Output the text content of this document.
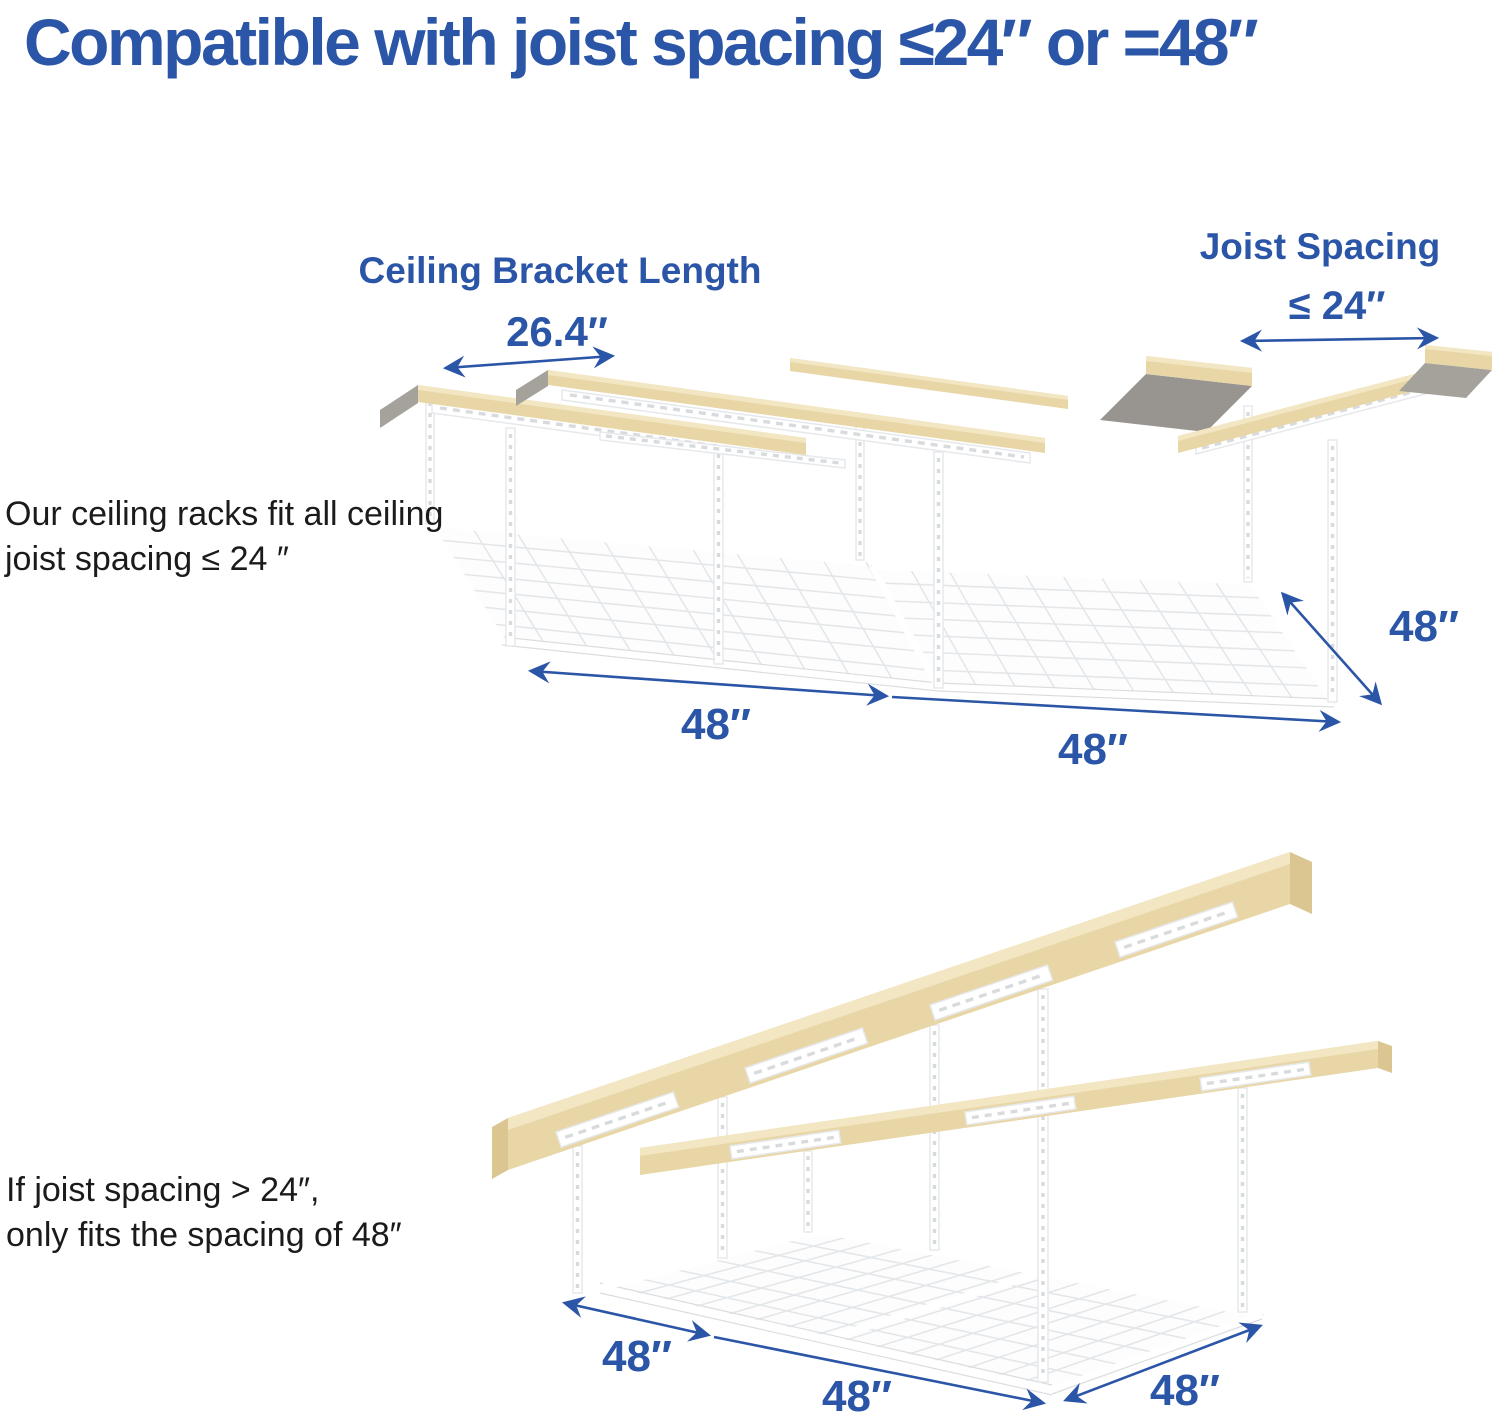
Compatible with joist spacing ≤24″ or =48″
Ceiling Bracket Length
26.4″
Joist Spacing
≤ 24″
Our ceiling racks fit all ceiling
joist spacing ≤ 24 ″
48″
48″
48″
If joist spacing > 24″,
only fits the spacing of 48″
48″
48″	48″
